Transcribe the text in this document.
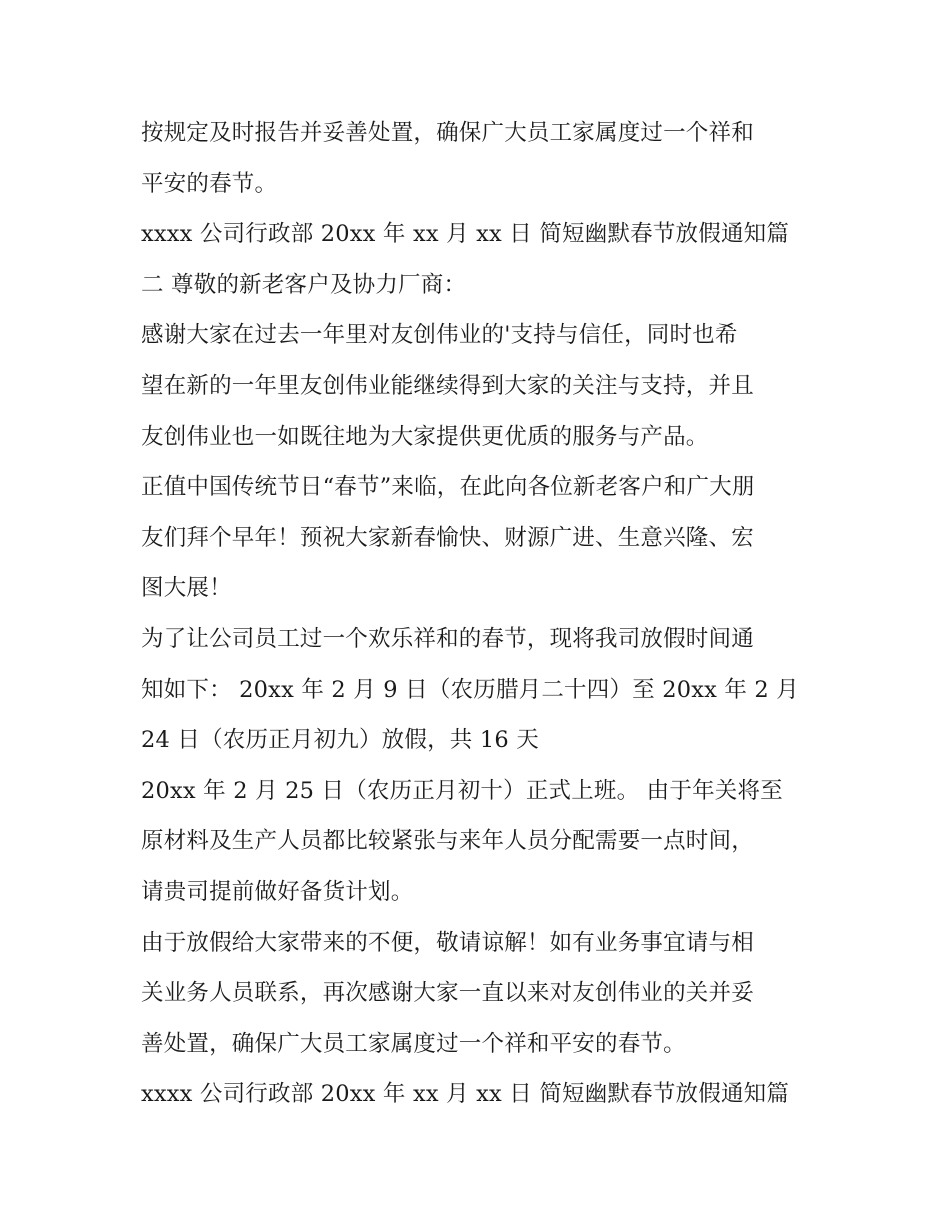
按规定及时报告并妥善处置，确保广大员工家属度过一个祥和
平安的春节。
xxxx 公司行政部 20xx 年 xx 月 xx 日 简短幽默春节放假通知篇
二 尊敬的新老客户及协力厂商：
感谢大家在过去一年里对友创伟业的'支持与信任，同时也希
望在新的一年里友创伟业能继续得到大家的关注与支持，并且
友创伟业也一如既往地为大家提供更优质的服务与产品。
正值中国传统节日“春节”来临，在此向各位新老客户和广大朋
友们拜个早年！预祝大家新春愉快、财源广进、生意兴隆、宏
图大展！
为了让公司员工过一个欢乐祥和的春节，现将我司放假时间通
知如下： 20xx 年 2 月 9 日（农历腊月二十四）至 20xx 年 2 月
24 日（农历正月初九）放假，共 16 天
20xx 年 2 月 25 日（农历正月初十）正式上班。 由于年关将至
原材料及生产人员都比较紧张与来年人员分配需要一点时间，
请贵司提前做好备货计划。
由于放假给大家带来的不便，敬请谅解！如有业务事宜请与相
关业务人员联系，再次感谢大家一直以来对友创伟业的关并妥
善处置，确保广大员工家属度过一个祥和平安的春节。
xxxx 公司行政部 20xx 年 xx 月 xx 日 简短幽默春节放假通知篇
